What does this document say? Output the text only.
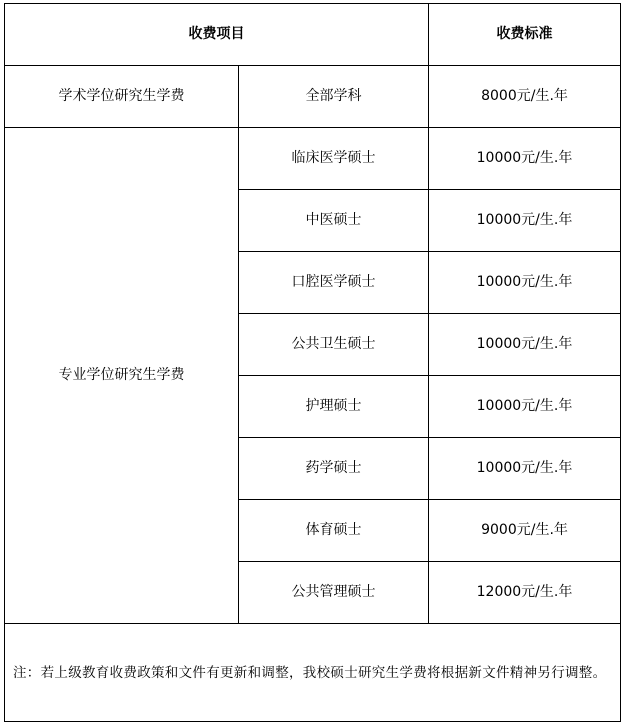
收费项目		收费标准
学术学位研究生学费	全部学科	8000元/生.年
专业学位研究生学费	临床医学硕士	10000元/生.年
	中医硕士	10000元/生.年
	口腔医学硕士	10000元/生.年
	公共卫生硕士	10000元/生.年
	护理硕士	10000元/生.年
	药学硕士	10000元/生.年
	体育硕士	9000元/生.年
	公共管理硕士	12000元/生.年

注：若上级教育收费政策和文件有更新和调整，我校硕士研究生学费将根据新文件精神另行调整。		
